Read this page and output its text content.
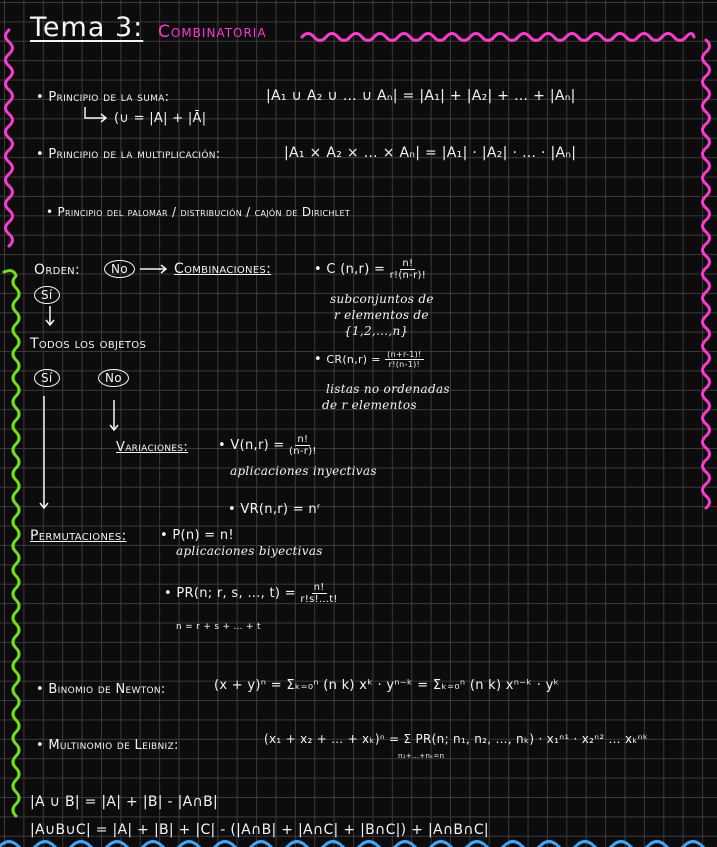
Tema 3: Combinatoria
• Principio de la suma:	|A₁ ∪ A₂ ∪ … ∪ Aₙ| = |A₁| + |A₂| + … + |Aₙ|
(∪ = |A| + |Ā|
• Principio de la multiplicación:	|A₁ × A₂ × … × Aₙ| = |A₁| · |A₂| · … · |Aₙ|
• Principio del palomar / distribución / cajón de Dirichlet
Orden:	No	Combinaciones:
Sí
Todos los objetos
Sí	No
• C $(n,r) = \frac{n!}{r!(n-r)!}$
subconjuntos de
r elementos de
{1,2,…,n}
• $CR(n,r) = \frac{(n+r-1)!}{r!(n-1)!}$
listas no ordenadas
de r elementos
Variaciones: • $V(n,r) = \frac{n!}{(n-r)!}$
aplicaciones inyectivas
• VR(n,r) = nʳ
Permutaciones:	• P(n) = n!
aplicaciones biyectivas
• PR(n; r, s, …, $t) = \frac{n!}{r!s!\dots t!}$
n = r + s + … + t
• Binomio de Newton:	(x + y)ⁿ = Σₖ₌₀ⁿ (n k) xᵏ · yⁿ⁻ᵏ = Σₖ₌₀ⁿ (n k) xⁿ⁻ᵏ · yᵏ
• Multinomio de Leibniz:	(x₁ + x₂ + … + xₖ)ⁿ = Σ PR(n; n₁, n₂, …, nₖ) · x₁ⁿ¹ · x₂ⁿ² … xₖⁿᵏ
n₁+…+nₖ=n
|A ∪ B| = |A| + |B| - |A∩B|
|A∪B∪C| = |A| + |B| + |C| - (|A∩B| + |A∩C| + |B∩C|) + |A∩B∩C|
